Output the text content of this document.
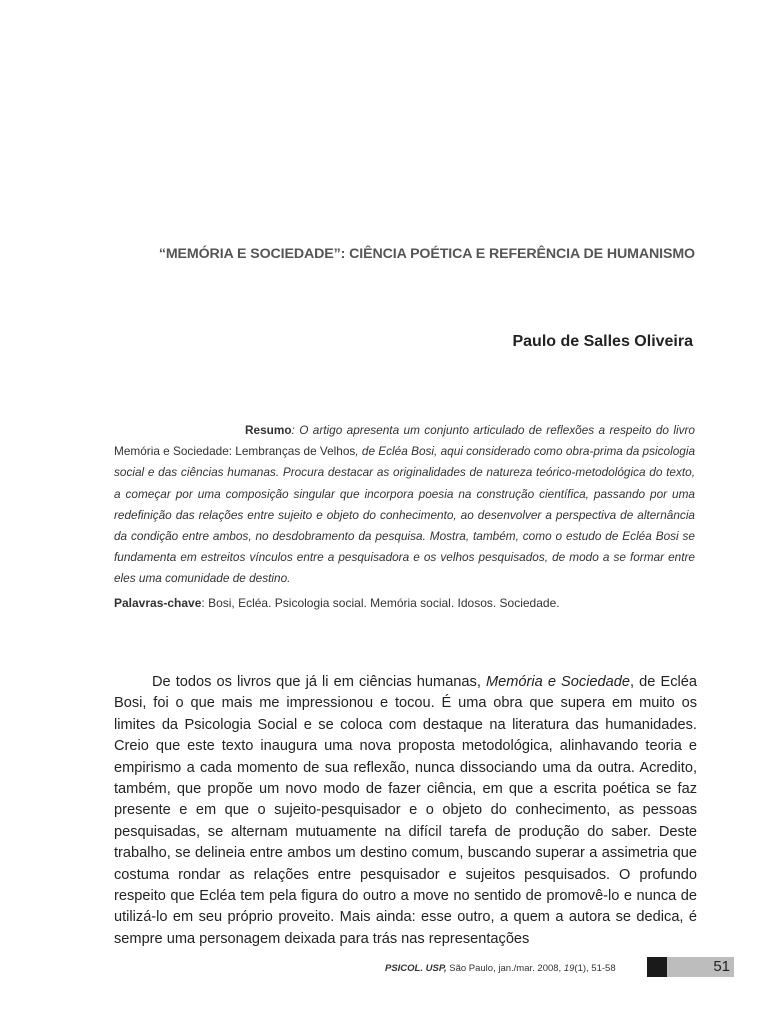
“MEMÓRIA E SOCIEDADE”: CIÊNCIA POÉTICA E REFERÊNCIA DE HUMANISMO
Paulo de Salles Oliveira
Resumo: O artigo apresenta um conjunto articulado de reflexões a respeito do livro Memória e Sociedade: Lembranças de Velhos, de Ecléa Bosi, aqui considerado como obra-prima da psicologia social e das ciências humanas. Procura destacar as originalidades de natureza teórico-metodológica do texto, a começar por uma composição singular que incorpora poesia na construção científica, passando por uma redefinição das relações entre sujeito e objeto do conhecimento, ao desenvolver a perspectiva de alternância da condição entre ambos, no desdobramento da pesquisa. Mostra, também, como o estudo de Ecléa Bosi se fundamenta em estreitos vínculos entre a pesquisadora e os velhos pesquisados, de modo a se formar entre eles uma comunidade de destino.
Palavras-chave: Bosi, Ecléa. Psicologia social. Memória social. Idosos. Sociedade.
De todos os livros que já li em ciências humanas, Memória e Sociedade, de Ecléa Bosi, foi o que mais me impressionou e tocou. É uma obra que supera em muito os limites da Psicologia Social e se coloca com destaque na literatura das humanidades. Creio que este texto inaugura uma nova proposta metodológica, alinhavando teoria e empirismo a cada momento de sua reflexão, nunca dissociando uma da outra. Acredito, também, que propõe um novo modo de fazer ciência, em que a escrita poética se faz presente e em que o sujeito-pesquisador e o objeto do conhecimento, as pessoas pesquisadas, se alternam mutuamente na difícil tarefa de produção do saber. Deste trabalho, se delineia entre ambos um destino comum, buscando superar a assimetria que costuma rondar as relações entre pesquisador e sujeitos pesquisados. O profundo respeito que Ecléa tem pela figura do outro a move no sentido de promovê-lo e nunca de utilizá-lo em seu próprio proveito. Mais ainda: esse outro, a quem a autora se dedica, é sempre uma personagem deixada para trás nas representações
PSICOL. USP, São Paulo, jan./mar. 2008, 19(1), 51-58	51
